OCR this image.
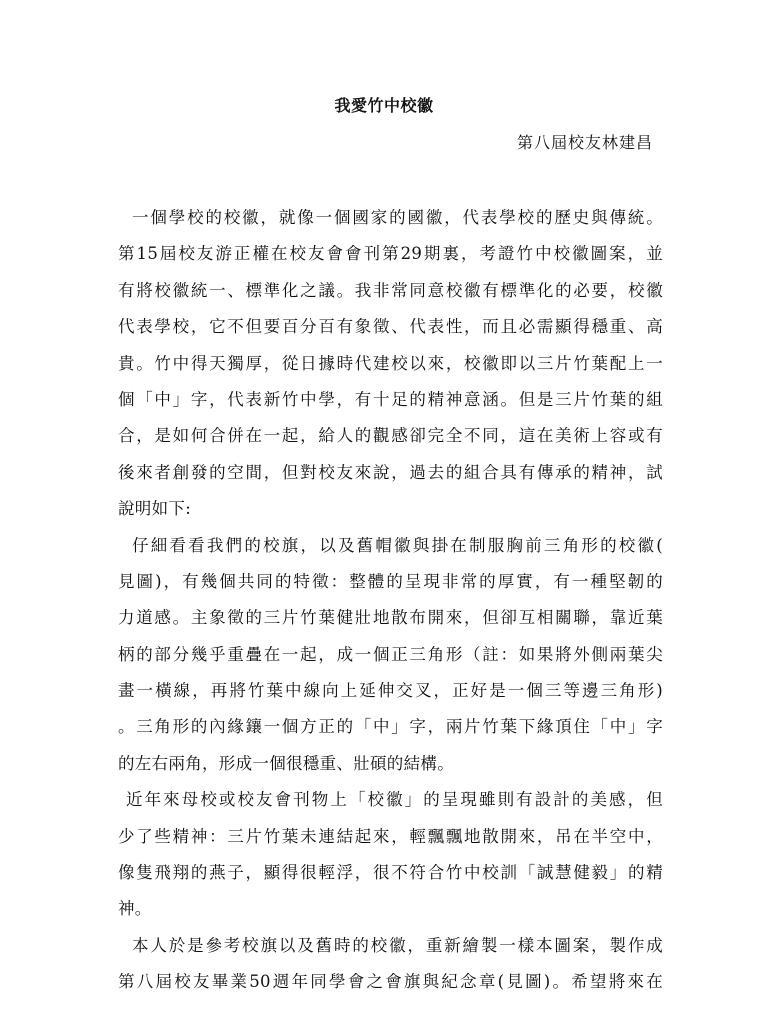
我愛竹中校徽
第八屆校友林建昌
一個學校的校徽，就像一個國家的國徽，代表學校的歷史與傳統。
第15屆校友游正權在校友會會刊第29期裏，考證竹中校徽圖案，並
有將校徽統一、標準化之議。我非常同意校徽有標準化的必要，校徽
代表學校，它不但要百分百有象徵、代表性，而且必需顯得穩重、高
貴。竹中得天獨厚，從日據時代建校以來，校徽即以三片竹葉配上一
個「中」字，代表新竹中學，有十足的精神意涵。但是三片竹葉的組
合，是如何合併在一起，給人的觀感卻完全不同，這在美術上容或有
後來者創發的空間，但對校友來說，過去的組合具有傳承的精神，試
說明如下:
仔細看看我們的校旗，以及舊帽徽與掛在制服胸前三角形的校徽(
見圖)，有幾個共同的特徵：整體的呈現非常的厚實，有一種堅韌的
力道感。主象徵的三片竹葉健壯地散布開來，但卻互相關聯，靠近葉
柄的部分幾乎重疊在一起，成一個正三角形（註：如果將外側兩葉尖
畫一橫線，再將竹葉中線向上延伸交叉，正好是一個三等邊三角形)
。三角形的內緣鑲一個方正的「中」字，兩片竹葉下緣頂住「中」字
的左右兩角，形成一個很穩重、壯碩的結構。
近年來母校或校友會刊物上「校徽」的呈現雖則有設計的美感，但
少了些精神：三片竹葉未連結起來，輕飄飄地散開來，吊在半空中，
像隻飛翔的燕子，顯得很輕浮，很不符合竹中校訓「誠慧健毅」的精
神。
本人於是參考校旗以及舊時的校徽，重新繪製一樣本圖案，製作成
第八屆校友畢業50週年同學會之會旗與紀念章(見圖)。希望將來在
